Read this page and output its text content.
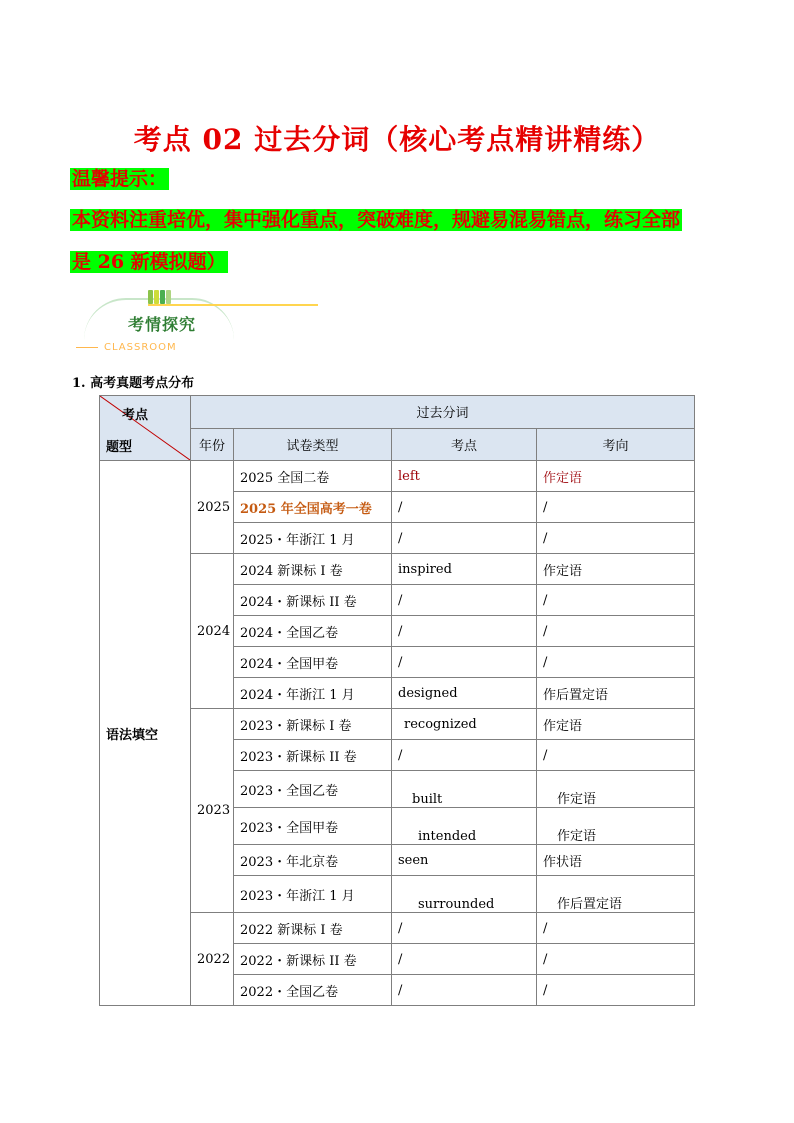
考点 02 过去分词（核心考点精讲精练）
温馨提示：
本资料注重培优，集中强化重点，突破难度，规避易混易错点，练习全部
是 26 新模拟题）
考情探究
CLASSROOM
1. 高考真题考点分布
考点
题型	过去分词			
	年份	试卷类型	考点	考向
语法填空	2025	2025 全国二卷	left	作定语
		2025 年全国高考一卷	/	/
		2025・年浙江 1 月	/	/
	2024	2024 新课标 I 卷	inspired	作定语
		2024・新课标 II 卷	/	/
		2024・全国乙卷	/	/
		2024・全国甲卷	/	/
		2024・年浙江 1 月	designed	作后置定语
	2023	2023・新课标 I 卷	recognized	作定语
		2023・新课标 II 卷	/	/
		2023・全国乙卷	built	作定语
		2023・全国甲卷	intended	作定语
		2023・年北京卷	seen	作状语
		2023・年浙江 1 月	surrounded	作后置定语
	2022	2022 新课标 I 卷	/	/
		2022・新课标 II 卷	/	/
		2022・全国乙卷	/	/
